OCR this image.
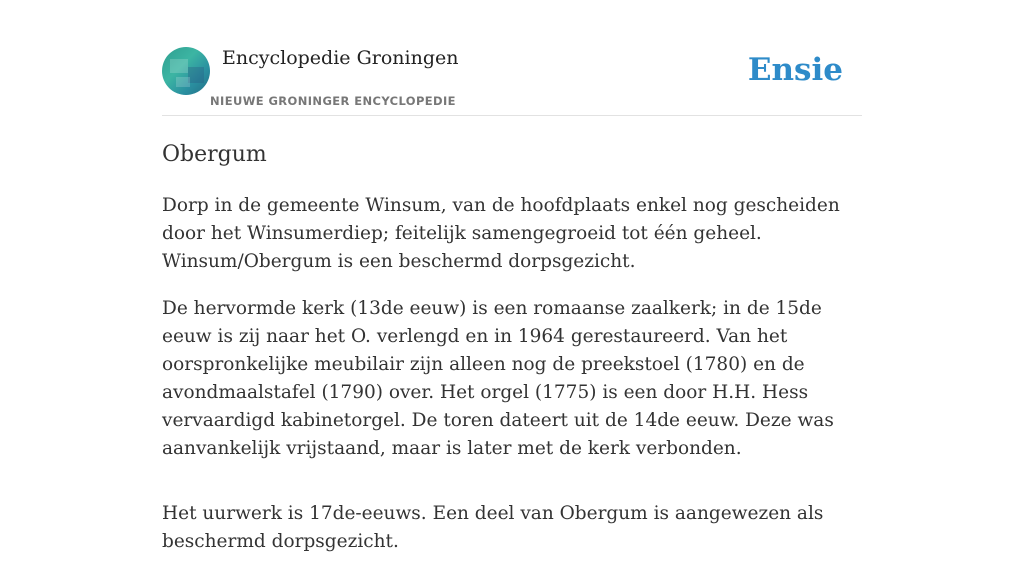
Encyclopedie Groningen
NIEUWE GRONINGER ENCYCLOPEDIE
Ensie
Obergum

Dorp in de gemeente Winsum, van de hoofdplaats enkel nog gescheiden door het Winsumerdiep; feitelijk samengegroeid tot één geheel. Winsum/Obergum is een beschermd dorpsgezicht.

De hervormde kerk (13de eeuw) is een romaanse zaalkerk; in de 15de eeuw is zij naar het O. verlengd en in 1964 gerestaureerd. Van het oorspronkelijke meubilair zijn alleen nog de preekstoel (1780) en de avondmaalstafel (1790) over. Het orgel (1775) is een door H.H. Hess vervaardigd kabinetorgel. De toren dateert uit de 14de eeuw. Deze was aanvankelijk vrijstaand, maar is later met de kerk verbonden.

Het uurwerk is 17de-eeuws. Een deel van Obergum is aangewezen als beschermd dorpsgezicht.
